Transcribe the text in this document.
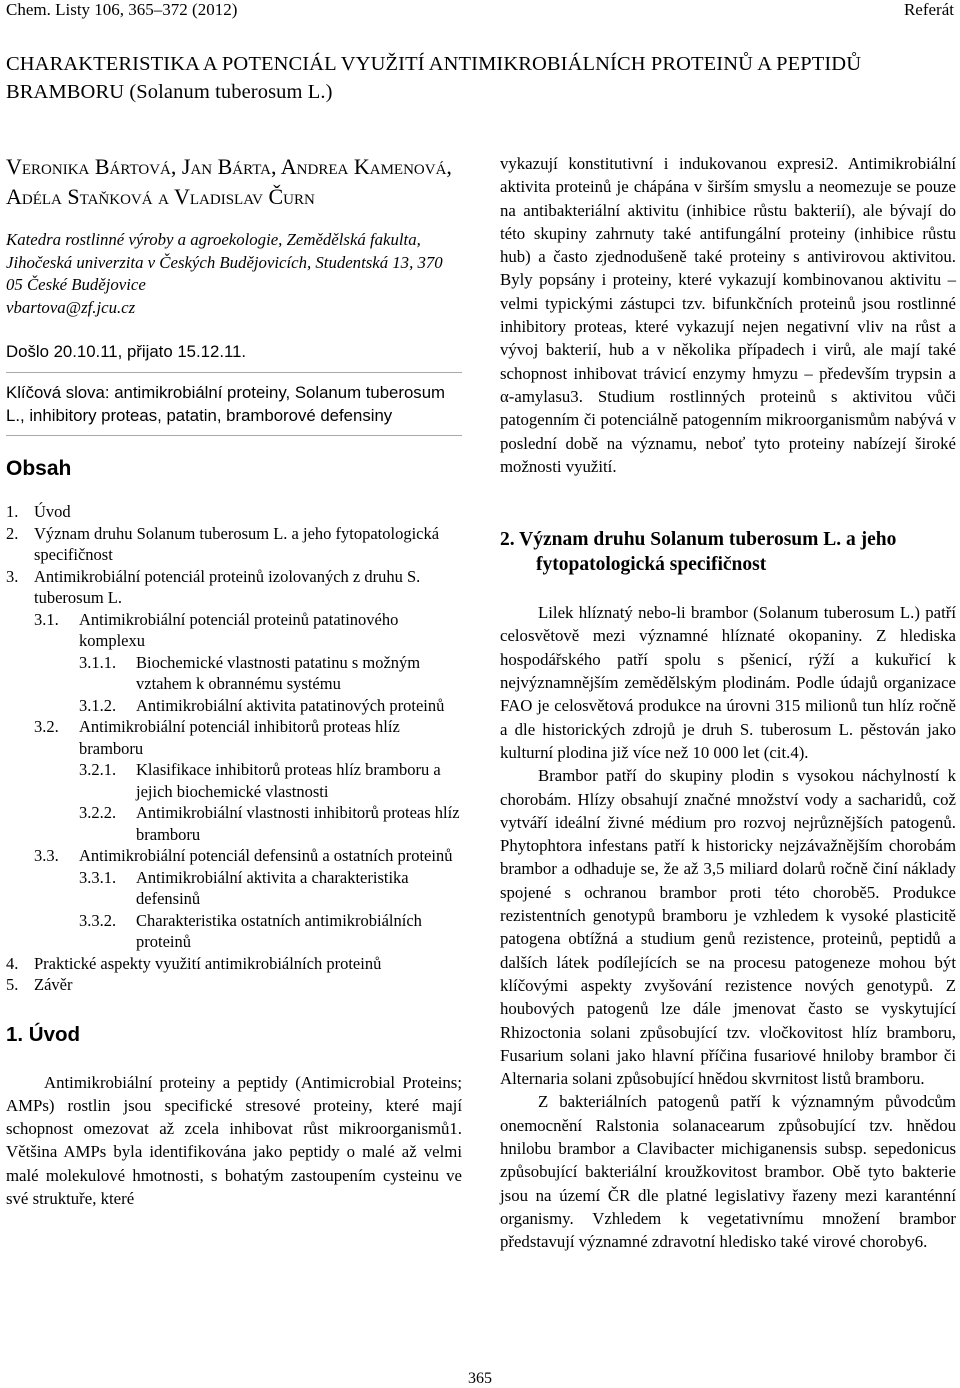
Chem. Listy 106, 365–372 (2012)	Referát
CHARAKTERISTIKA A POTENCIÁL VYUŽITÍ ANTIMIKROBIÁLNÍCH PROTEINŮ A PEPTIDŮ BRAMBORU (Solanum tuberosum L.)

Veronika Bártová, Jan Bárta, Andrea Kamenová, Adéla Staňková a Vladislav Čurn

Katedra rostlinné výroby a agroekologie, Zemědělská fakulta, Jihočeská univerzita v Českých Budějovicích, Studentská 13, 370 05 České Budějovice

vbartova@zf.jcu.cz

Došlo 20.10.11, přijato 15.12.11.

Klíčová slova: antimikrobiální proteiny, Solanum tuberosum L., inhibitory proteas, patatin, bramborové defensiny

Obsah
1. Úvod
2. Význam druhu Solanum tuberosum L. a jeho fytopatologická specifičnost
3. Antimikrobiální potenciál proteinů izolovaných z druhu S. tuberosum L.
3.1.	Antimikrobiální potenciál proteinů patatinového komplexu
3.1.1.	Biochemické vlastnosti patatinu s možným vztahem k obrannému systému
3.1.2.	Antimikrobiální aktivita patatinových proteinů
3.2.	Antimikrobiální potenciál inhibitorů proteas hlíz bramboru
3.2.1.	Klasifikace inhibitorů proteas hlíz bramboru a jejich biochemické vlastnosti
3.2.2.	Antimikrobiální vlastnosti inhibitorů proteas hlíz bramboru
3.3.	Antimikrobiální potenciál defensinů a ostatních proteinů
3.3.1.	Antimikrobiální aktivita a charakteristika defensinů
3.3.2.	Charakteristika ostatních antimikrobiálních proteinů
4. Praktické aspekty využití antimikrobiálních proteinů
5. Závěr
1. Úvod

Antimikrobiální proteiny a peptidy (Antimicrobial Proteins; AMPs) rostlin jsou specifické stresové proteiny, které mají schopnost omezovat až zcela inhibovat růst mikroorganismů1. Většina AMPs byla identifikována jako peptidy o malé až velmi malé molekulové hmotnosti, s bohatým zastoupením cysteinu ve své struktuře, které

vykazují konstitutivní i indukovanou expresi2. Antimikrobiální aktivita proteinů je chápána v širším smyslu a neomezuje se pouze na antibakteriální aktivitu (inhibice růstu bakterií), ale bývají do této skupiny zahrnuty také antifungální proteiny (inhibice růstu hub) a často zjednodušeně také proteiny s antivirovou aktivitou. Byly popsány i proteiny, které vykazují kombinovanou aktivitu – velmi typickými zástupci tzv. bifunkčních proteinů jsou rostlinné inhibitory proteas, které vykazují nejen negativní vliv na růst a vývoj bakterií, hub a v několika případech i virů, ale mají také schopnost inhibovat trávicí enzymy hmyzu – především trypsin a α-amylasu3. Studium rostlinných proteinů s aktivitou vůči patogenním či potenciálně patogenním mikroorganismům nabývá v poslední době na významu, neboť tyto proteiny nabízejí široké možnosti využití.

2. Význam druhu Solanum tuberosum L. a jeho fytopatologická specifičnost

Lilek hlíznatý nebo-li brambor (Solanum tuberosum L.) patří celosvětově mezi významné hlíznaté okopaniny. Z hlediska hospodářského patří spolu s pšenicí, rýží a kukuřicí k nejvýznamnějším zemědělským plodinám. Podle údajů organizace FAO je celosvětová produkce na úrovni 315 milionů tun hlíz ročně a dle historických zdrojů je druh S. tuberosum L. pěstován jako kulturní plodina již více než 10 000 let (cit.4).

Brambor patří do skupiny plodin s vysokou náchylností k chorobám. Hlízy obsahují značné množství vody a sacharidů, což vytváří ideální živné médium pro rozvoj nejrůznějších patogenů. Phytophtora infestans patří k historicky nejzávažnějším chorobám brambor a odhaduje se, že až 3,5 miliard dolarů ročně činí náklady spojené s ochranou brambor proti této chorobě5. Produkce rezistentních genotypů bramboru je vzhledem k vysoké plasticitě patogena obtížná a studium genů rezistence, proteinů, peptidů a dalších látek podílejících se na procesu patogeneze mohou být klíčovými aspekty zvyšování rezistence nových genotypů. Z houbových patogenů lze dále jmenovat často se vyskytující Rhizoctonia solani způsobující tzv. vločkovitost hlíz bramboru, Fusarium solani jako hlavní příčina fusariové hniloby brambor či Alternaria solani způsobující hnědou skvrnitost listů bramboru.

Z bakteriálních patogenů patří k významným původcům onemocnění Ralstonia solanacearum způsobující tzv. hnědou hnilobu brambor a Clavibacter michiganensis subsp. sepedonicus způsobující bakteriální kroužkovitost brambor. Obě tyto bakterie jsou na území ČR dle platné legislativy řazeny mezi karanténní organismy. Vzhledem k vegetativnímu množení brambor představují významné zdravotní hledisko také virové choroby6.

365
